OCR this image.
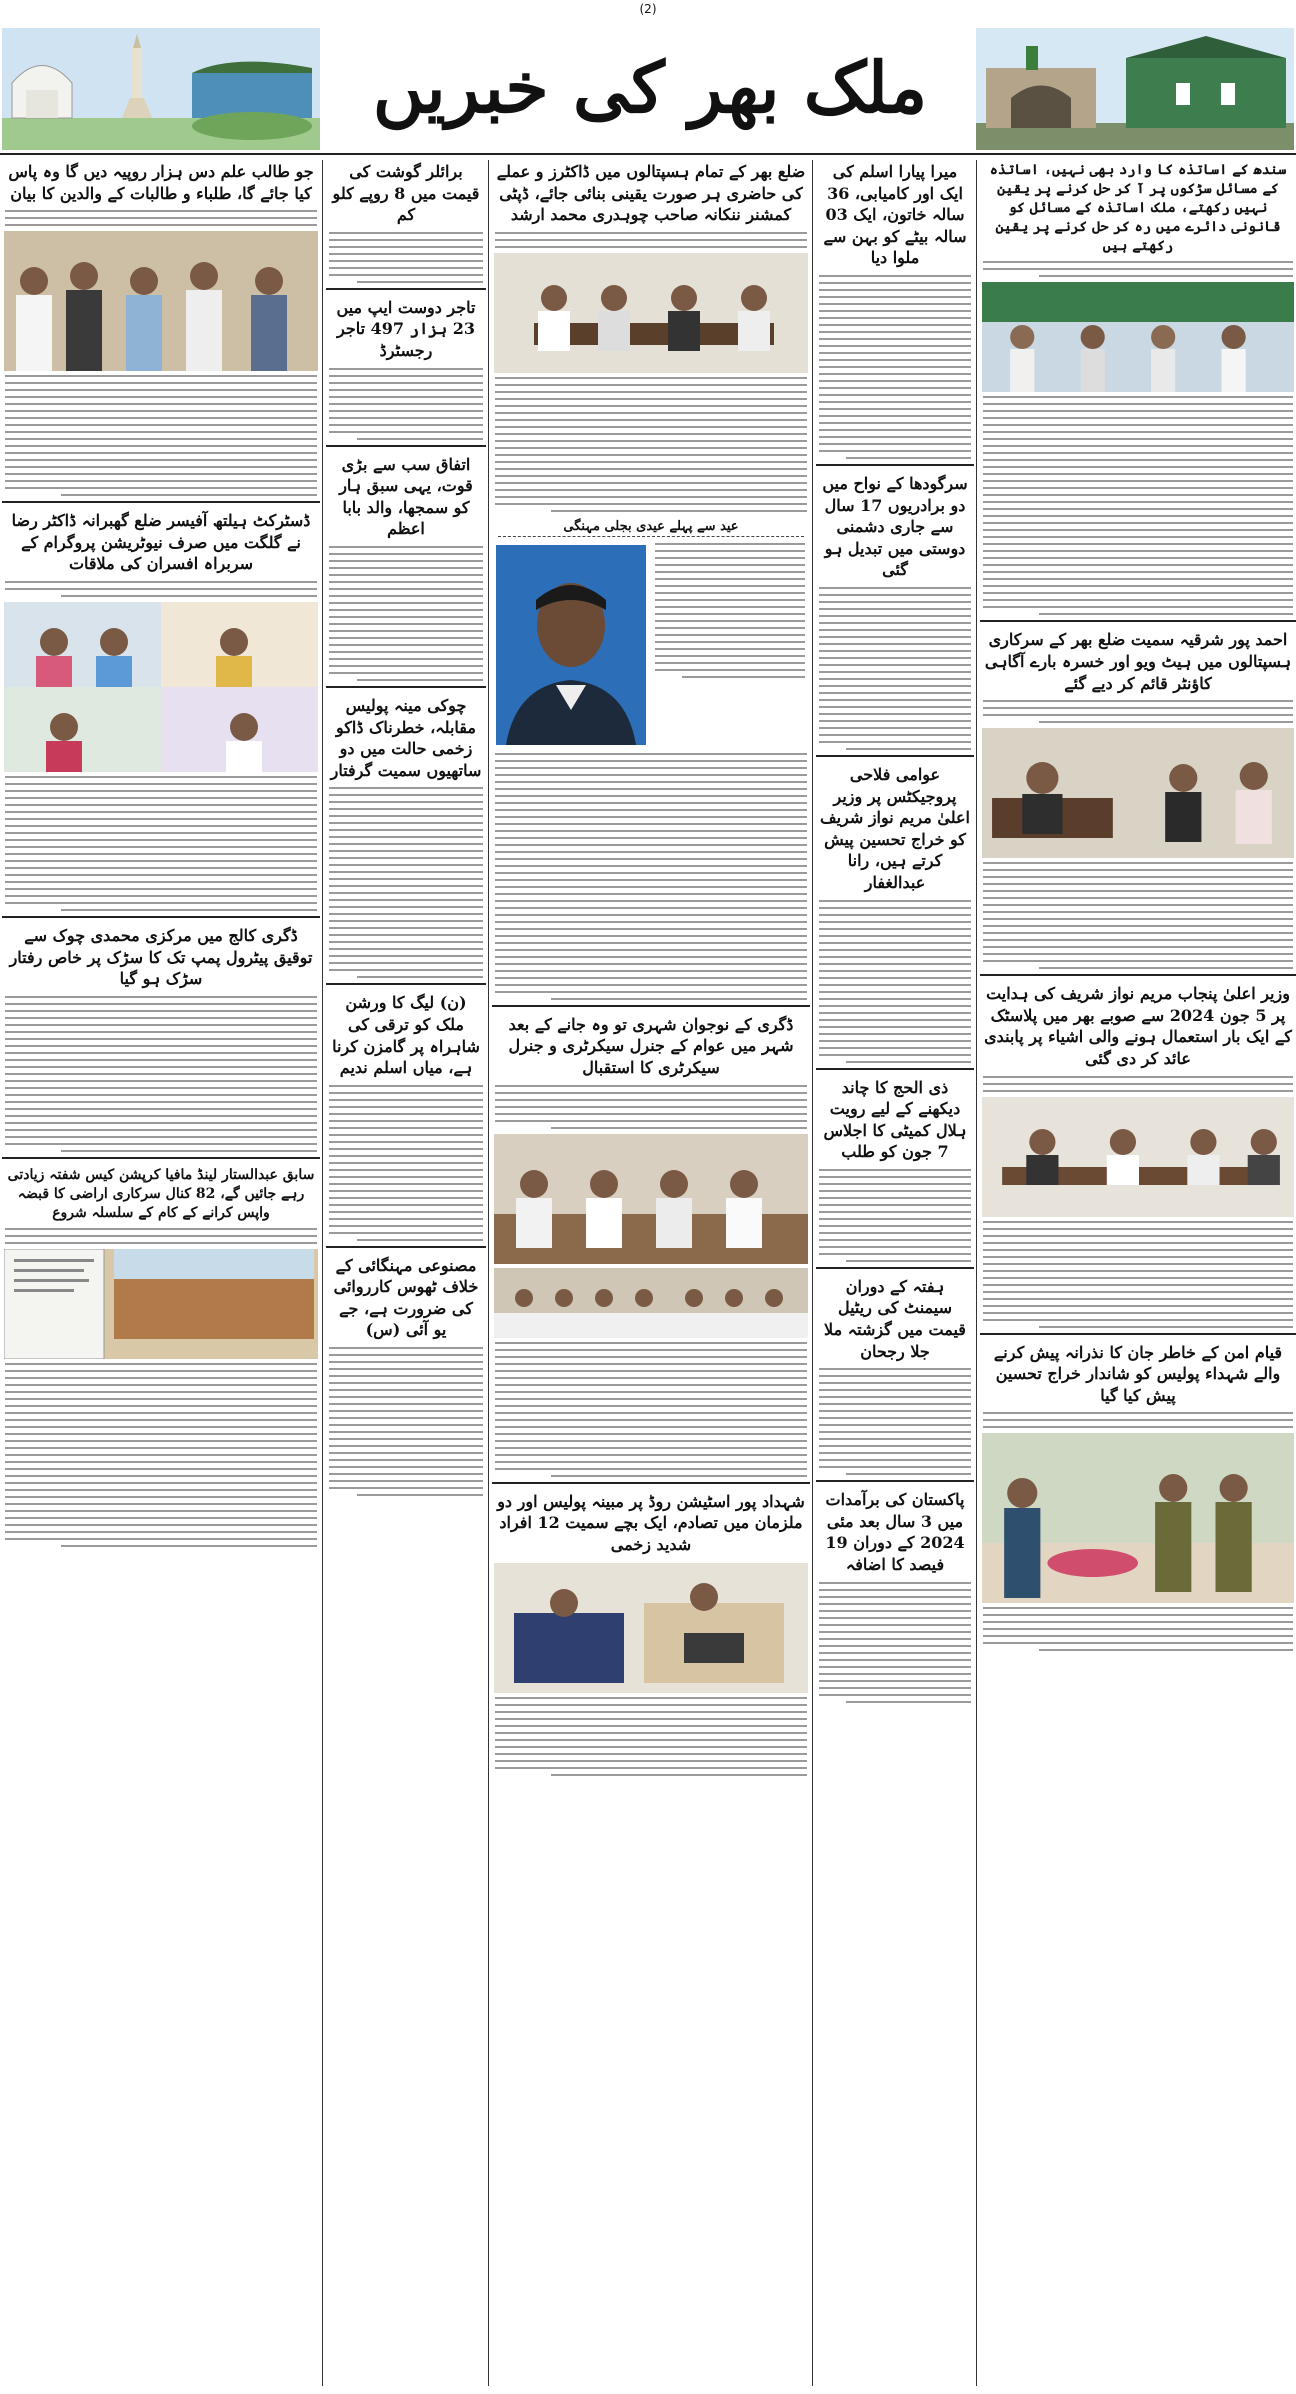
(2)
ملک بھر کی خبریں
سندھ کے اساتذہ کا وارد بھی نہیں، اساتذہ کے مسائل سڑکوں پر آ کر حل کرنے پر یقین نہیں رکھتے، ملک اساتذہ کے مسائل کو قانونی دائرے میں رہ کر حل کرنے پر یقین رکھتے ہیں
احمد پور شرقیہ سمیت ضلع بھر کے سرکاری ہسپتالوں میں ہیٹ ویو اور خسرہ بارے آگاہی کاؤنٹر قائم کر دیے گئے
وزیر اعلیٰ پنجاب مریم نواز شریف کی ہدایت پر 5 جون 2024 سے صوبے بھر میں پلاسٹک کے ایک بار استعمال ہونے والی اشیاء پر پابندی عائد کر دی گئی
قیام امن کے خاطر جان کا نذرانہ پیش کرنے والے شہداء پولیس کو شاندار خراج تحسین پیش کیا گیا
میرا پیارا اسلم کی ایک اور کامیابی، 36 سالہ خاتون، ایک 03 سالہ بیٹے کو بہن سے ملوا دیا
سرگودھا کے نواح میں دو برادریوں 17 سال سے جاری دشمنی دوستی میں تبدیل ہو گئی
عوامی فلاحی پروجیکٹس پر وزیر اعلیٰ مریم نواز شریف کو خراج تحسین پیش کرتے ہیں، رانا عبدالغفار
ذی الحج کا چاند دیکھنے کے لیے رویت ہلال کمیٹی کا اجلاس 7 جون کو طلب
ہفتہ کے دوران سیمنٹ کی ریٹیل قیمت میں گزشتہ ملا جلا رجحان
پاکستان کی برآمدات میں 3 سال بعد مئی 2024 کے دوران 19 فیصد کا اضافہ
ضلع بھر کے تمام ہسپتالوں میں ڈاکٹرز و عملے کی حاضری ہر صورت یقینی بنائی جائے، ڈپٹی کمشنر ننکانہ صاحب چوہدری محمد ارشد
عید سے پہلے عیدی بجلی مہنگی
ڈگری کے نوجوان شہری تو وہ جانے کے بعد شہر میں عوام کے جنرل سیکرٹری و جنرل سیکرٹری کا استقبال
شہداد پور اسٹیشن روڈ پر مبینہ پولیس اور دو ملزمان میں تصادم، ایک بچے سمیت 12 افراد شدید زخمی
برائلر گوشت کی قیمت میں 8 روپے کلو کم
تاجر دوست ایپ میں 23 ہزار 497 تاجر رجسٹرڈ
اتفاق سب سے بڑی قوت، یہی سبق ہار کو سمجھا، والد بابا اعظم
چوکی مینہ پولیس مقابلہ، خطرناک ڈاکو زخمی حالت میں دو ساتھیوں سمیت گرفتار
(ن) لیگ کا ورشن ملک کو ترقی کی شاہراہ پر گامزن کرنا ہے، میاں اسلم ندیم
مصنوعی مہنگائی کے خلاف ٹھوس کارروائی کی ضرورت ہے، جے یو آئی (س)
جو طالب علم دس ہزار روپیہ دیں گا وہ پاس کیا جائے گا، طلباء و طالبات کے والدین کا بیان
ڈسٹرکٹ ہیلتھ آفیسر ضلع گھبرانہ ڈاکٹر رضا نے گلگت میں صرف نیوٹریشن پروگرام کے سربراہ افسران کی ملاقات
ڈگری کالج میں مرکزی محمدی چوک سے توقیق پیٹرول پمپ تک کا سڑک پر خاص رفتار سڑک ہو گیا
سابق عبدالستار لینڈ مافیا کرپشن کیس شفتہ زیادتی رہے جائیں گے، 82 کنال سرکاری اراضی کا قبضہ واپس کرانے کے کام کے سلسلہ شروع
